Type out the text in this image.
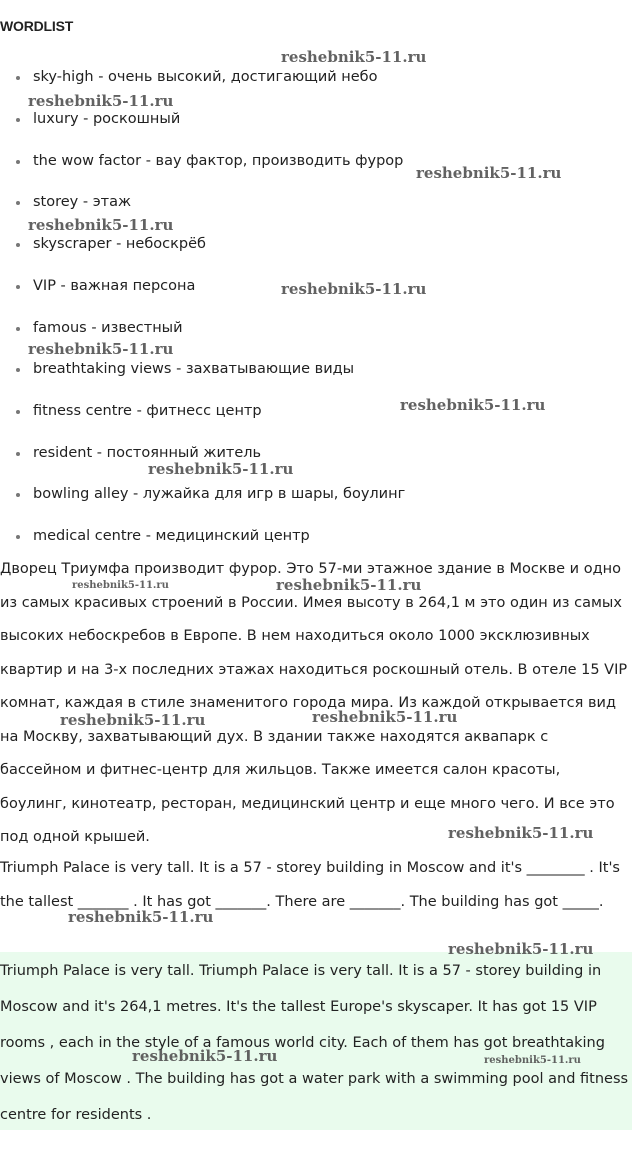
WORDLIST
sky-high - очень высокий, достигающий небо
luxury - роскошный
the wow factor - вау фактор, производить фурор
storey - этаж
skyscraper - небоскрёб
VIP - важная персона
famous - известный
breathtaking views - захватывающие виды
fitness centre - фитнесс центр
resident - постоянный житель
bowling alley - лужайка для игр в шары, боулинг
medical centre - медицинский центр
Дворец Триумфа производит фурор. Это 57-ми этажное здание в Москве и одно из самых красивых строений в России. Имея высоту в 264,1 м это один из самых высоких небоскребов в Европе. В нем находиться около 1000 эксклюзивных квартир и на 3-х последних этажах находиться роскошный отель. В отеле 15 VIP комнат, каждая в стиле знаменитого города мира. Из каждой открывается вид на Москву, захватывающий дух. В здании также находятся аквапарк с бассейном и фитнес-центр для жильцов. Также имеется салон красоты, боулинг, кинотеатр, ресторан, медицинский центр и еще много чего. И все это под одной крышей.
Triumph Palace is very tall. It is a 57 - storey building in Moscow and it's ________ . It's the tallest _______ . It has got _______. There are _______. The building has got _____.
Triumph Palace is very tall. Triumph Palace is very tall. It is a 57 - storey building in Moscow and it's 264,1 metres. It's the tallest Europe's skyscaper. It has got 15 VIP rooms , each in the style of a famous world city. Each of them has got breathtaking views of Moscow . The building has got a water park with a swimming pool and fitness centre for residents .
reshebnik5-11.ru
reshebnik5-11.ru
reshebnik5-11.ru
reshebnik5-11.ru
reshebnik5-11.ru
reshebnik5-11.ru
reshebnik5-11.ru
reshebnik5-11.ru
reshebnik5-11.ru	reshebnik5-11.ru
reshebnik5-11.ru	reshebnik5-11.ru
reshebnik5-11.ru
reshebnik5-11.ru
reshebnik5-11.ru
reshebnik5-11.ru	reshebnik5-11.ru
